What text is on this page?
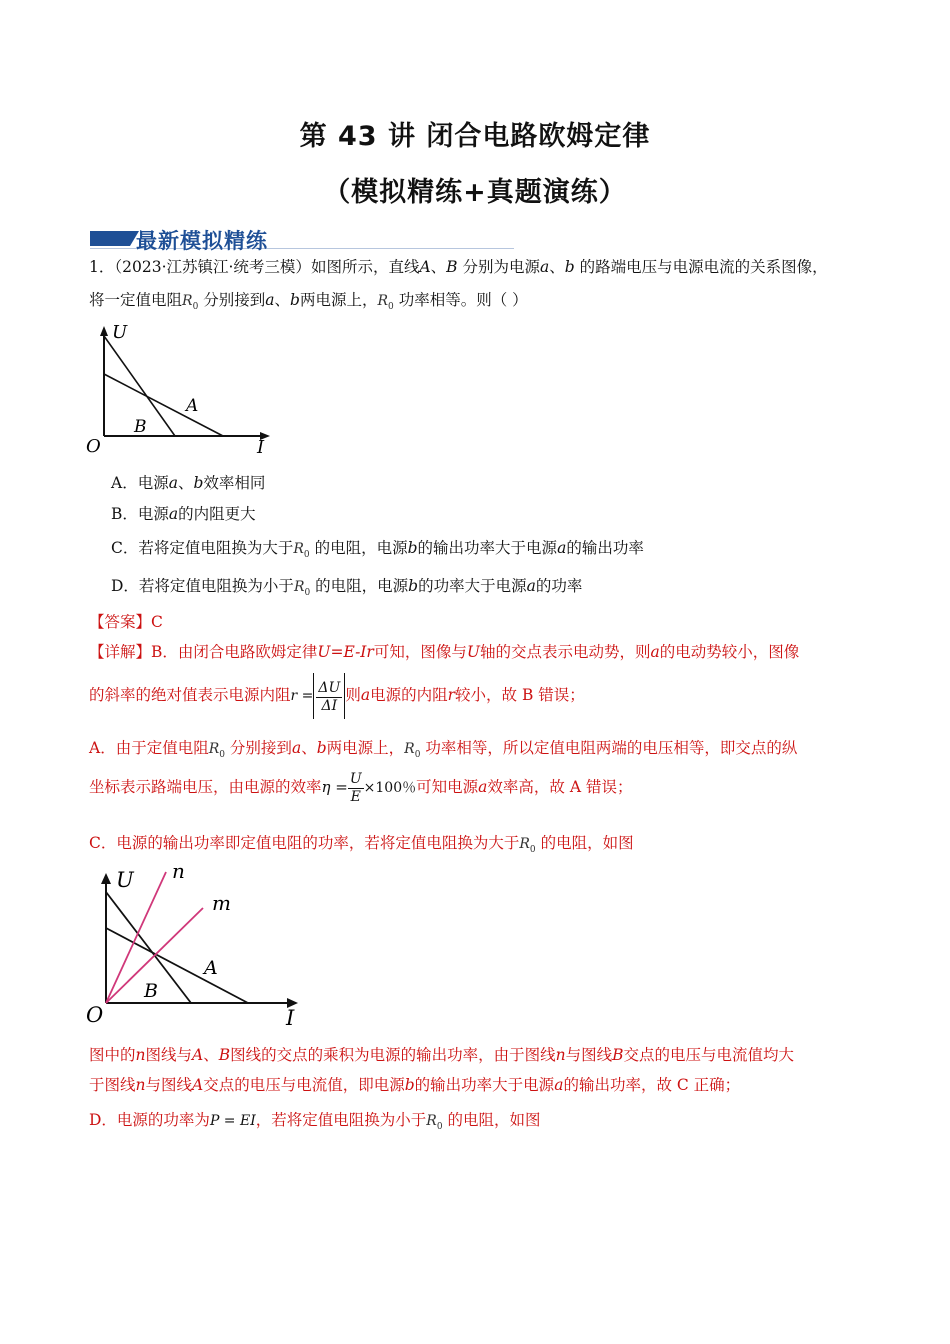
第 43 讲 闭合电路欧姆定律
（模拟精练+真题演练）
最新模拟精练
1．（2023·江苏镇江·统考三模）如图所示，直线A、B 分别为电源a、b 的路端电压与电源电流的关系图像，
将一定值电阻$R_0$ 分别接到a、b两电源上，$R_0$ 功率相等。则（ ）
U
I
O
A
B
A．电源a、b效率相同
B．电源a的内阻更大
C．若将定值电阻换为大于$R_0$ 的电阻，电源b的输出功率大于电源a的输出功率
D．若将定值电阻换为小于$R_0$ 的电阻，电源b的功率大于电源a的功率
【答案】C
【详解】B．由闭合电路欧姆定律U=E-Ir可知，图像与U轴的交点表示电动势，则a的电动势较小，图像
的斜率的绝对值表示电源内阻$r = \frac{\Delta U}{\Delta I}$ 则a电源的内阻r较小，故 B 错误；
A．由于定值电阻$R_0$ 分别接到a、b两电源上，$R_0$ 功率相等，所以定值电阻两端的电压相等，即交点的纵
坐标表示路端电压，由电源的效率$\eta = \frac{U}{E} \times 100$％可知电源a效率高，故 A 错误；
C．电源的输出功率即定值电阻的功率，若将定值电阻换为大于$R_0$ 的电阻，如图
U n
m
A
B
I
O
图中的n图线与A、B图线的交点的乘积为电源的输出功率，由于图线n与图线B交点的电压与电流值均大
于图线n与图线A交点的电压与电流值，即电源b的输出功率大于电源a的输出功率，故 C 正确；
D．电源的功率为P = EI，若将定值电阻换为小于$R_0$ 的电阻，如图
